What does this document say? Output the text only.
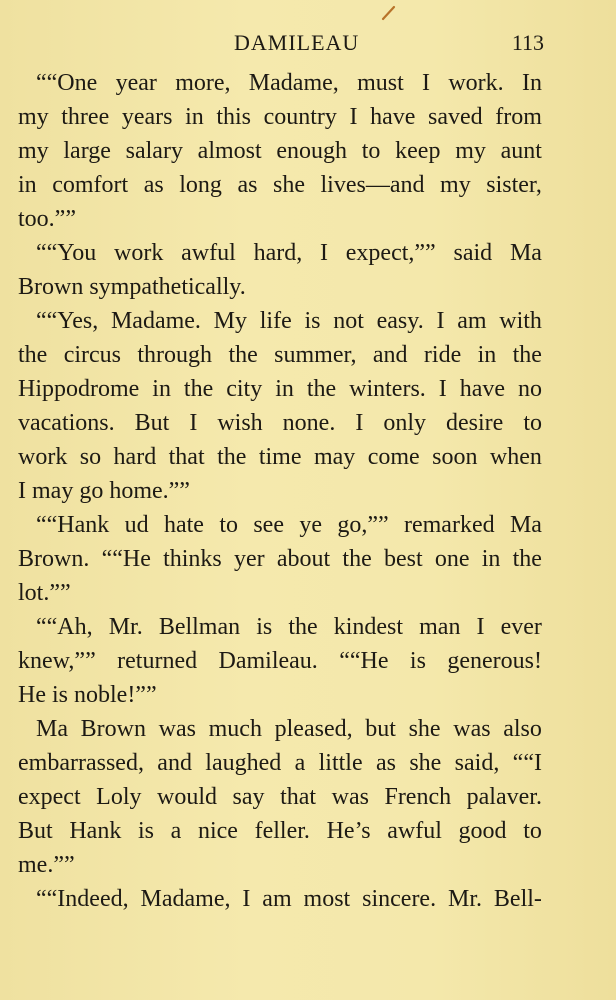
DAMILEAU	113
““One year more, Madame, must I work. In
my three years in this country I have saved from
my large salary almost enough to keep my aunt
in comfort as long as she lives—and my sister,
too.””
““You work awful hard, I expect,”” said Ma
Brown sympathetically.
““Yes, Madame. My life is not easy. I am with
the circus through the summer, and ride in the
Hippodrome in the city in the winters. I have no
vacations. But I wish none. I only desire to
work so hard that the time may come soon when
I may go home.””
““Hank ud hate to see ye go,”” remarked Ma
Brown. ““He thinks yer about the best one in the
lot.””
““Ah, Mr. Bellman is the kindest man I ever
knew,”” returned Damileau. ““He is generous!
He is noble!””
Ma Brown was much pleased, but she was also
embarrassed, and laughed a little as she said, ““I
expect Loly would say that was French palaver.
But Hank is a nice feller. He’s awful good to
me.””
““Indeed, Madame, I am most sincere. Mr. Bell-
